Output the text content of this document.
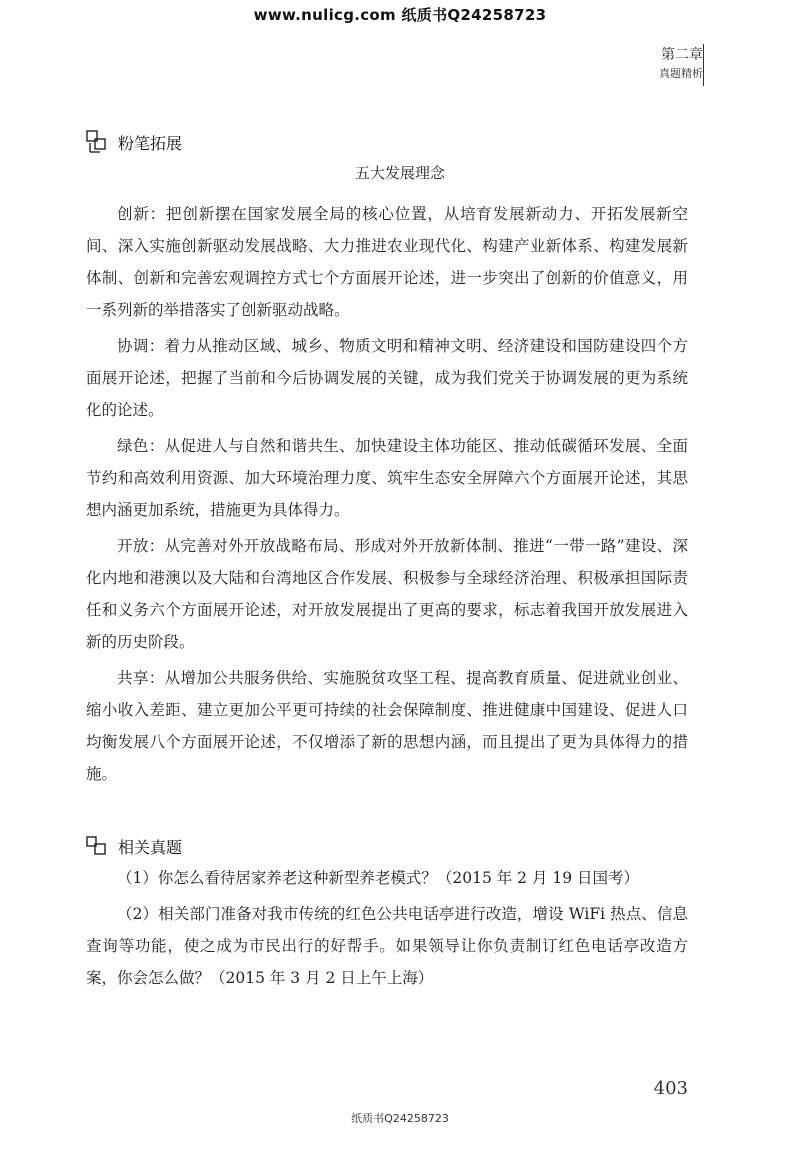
www.nulicg.com 纸质书Q24258723
第二章
真题精析
粉笔拓展
五大发展理念

创新：把创新摆在国家发展全局的核心位置，从培育发展新动力、开拓发展新空间、深入实施创新驱动发展战略、大力推进农业现代化、构建产业新体系、构建发展新体制、创新和完善宏观调控方式七个方面展开论述，进一步突出了创新的价值意义，用一系列新的举措落实了创新驱动战略。

协调：着力从推动区域、城乡、物质文明和精神文明、经济建设和国防建设四个方面展开论述，把握了当前和今后协调发展的关键，成为我们党关于协调发展的更为系统化的论述。

绿色：从促进人与自然和谐共生、加快建设主体功能区、推动低碳循环发展、全面节约和高效利用资源、加大环境治理力度、筑牢生态安全屏障六个方面展开论述，其思想内涵更加系统，措施更为具体得力。

开放：从完善对外开放战略布局、形成对外开放新体制、推进“一带一路”建设、深化内地和港澳以及大陆和台湾地区合作发展、积极参与全球经济治理、积极承担国际责任和义务六个方面展开论述，对开放发展提出了更高的要求，标志着我国开放发展进入新的历史阶段。

共享：从增加公共服务供给、实施脱贫攻坚工程、提高教育质量、促进就业创业、缩小收入差距、建立更加公平更可持续的社会保障制度、推进健康中国建设、促进人口均衡发展八个方面展开论述，不仅增添了新的思想内涵，而且提出了更为具体得力的措施。

相关真题

（1）你怎么看待居家养老这种新型养老模式？（2015 年 2 月 19 日国考）

（2）相关部门准备对我市传统的红色公共电话亭进行改造，增设 WiFi 热点、信息查询等功能，使之成为市民出行的好帮手。如果领导让你负责制订红色电话亭改造方案，你会怎么做？（2015 年 3 月 2 日上午上海）

403
纸质书Q24258723
